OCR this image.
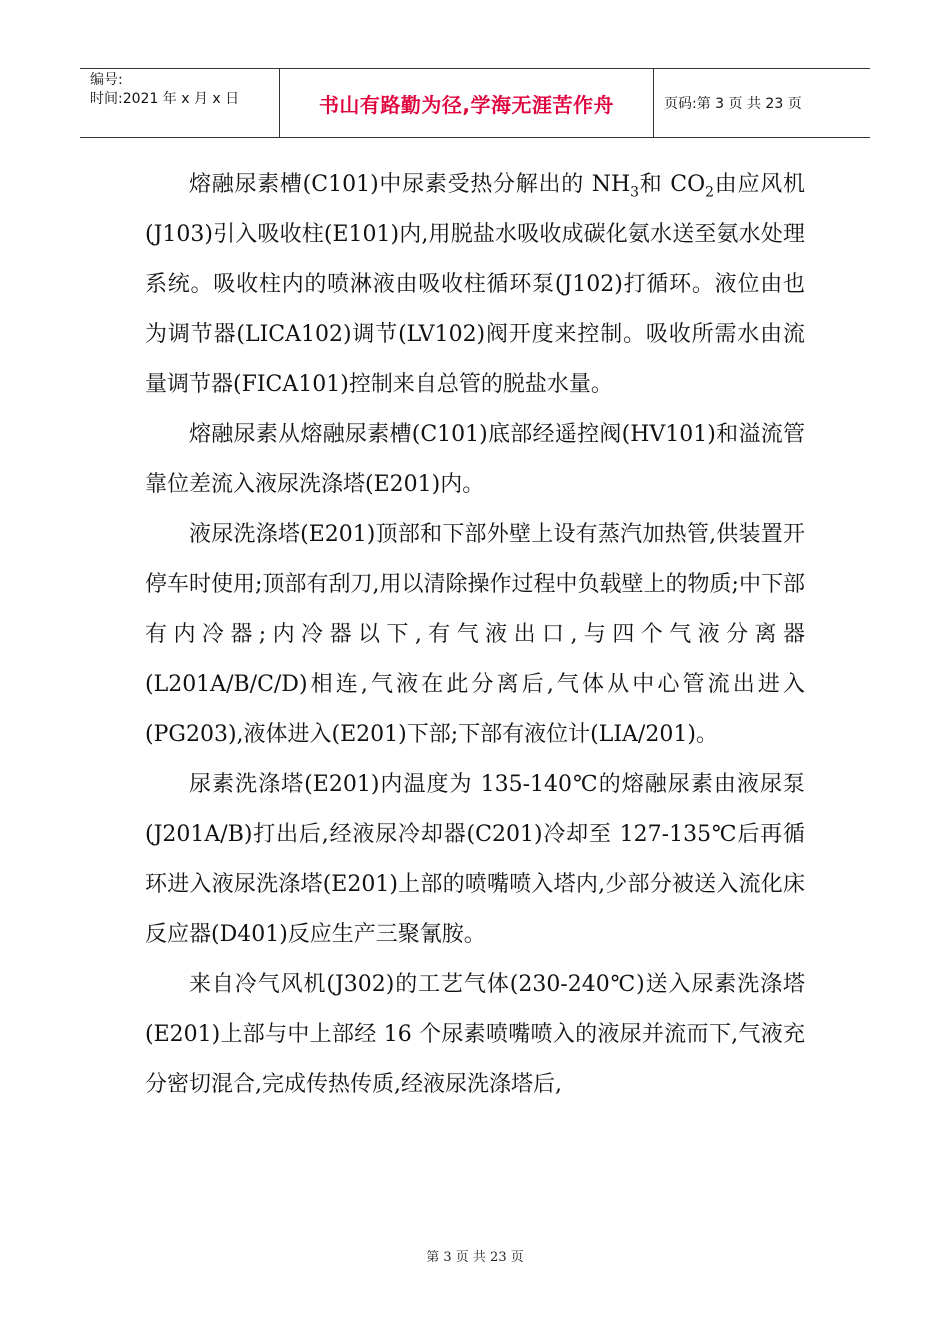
编号:
时间:2021 年 x 月 x 日	书山有路勤为径,学海无涯苦作舟	页码:第 3 页 共 23 页

熔融尿素槽(C101)中尿素受热分解出的 $NH_3$和 $CO_2$由应风机(J103)引入吸收柱(E101)内,用脱盐水吸收成碳化氨水送至氨水处理系统。吸收柱内的喷淋液由吸收柱循环泵(J102)打循环。液位由也为调节器(LICA102)调节(LV102)阀开度来控制。吸收所需水由流量调节器(FICA101)控制来自总管的脱盐水量。

熔融尿素从熔融尿素槽(C101)底部经遥控阀(HV101)和溢流管靠位差流入液尿洗涤塔(E201)内。

液尿洗涤塔(E201)顶部和下部外壁上设有蒸汽加热管,供装置开停车时使用;顶部有刮刀,用以清除操作过程中负载壁上的物质;中下部有内冷器;内冷器以下,有气液出口,与四个气液分离器(L201A/B/C/D)相连,气液在此分离后,气体从中心管流出进入(PG203),液体进入(E201)下部;下部有液位计(LIA/201)。

尿素洗涤塔(E201)内温度为 135-140℃的熔融尿素由液尿泵(J201A/B)打出后,经液尿冷却器(C201)冷却至 127-135℃后再循环进入液尿洗涤塔(E201)上部的喷嘴喷入塔内,少部分被送入流化床反应器(D401)反应生产三聚氰胺。

来自冷气风机(J302)的工艺气体(230-240℃)送入尿素洗涤塔(E201)上部与中上部经 16 个尿素喷嘴喷入的液尿并流而下,气液充分密切混合,完成传热传质,经液尿洗涤塔后,

第 3 页 共 23 页
